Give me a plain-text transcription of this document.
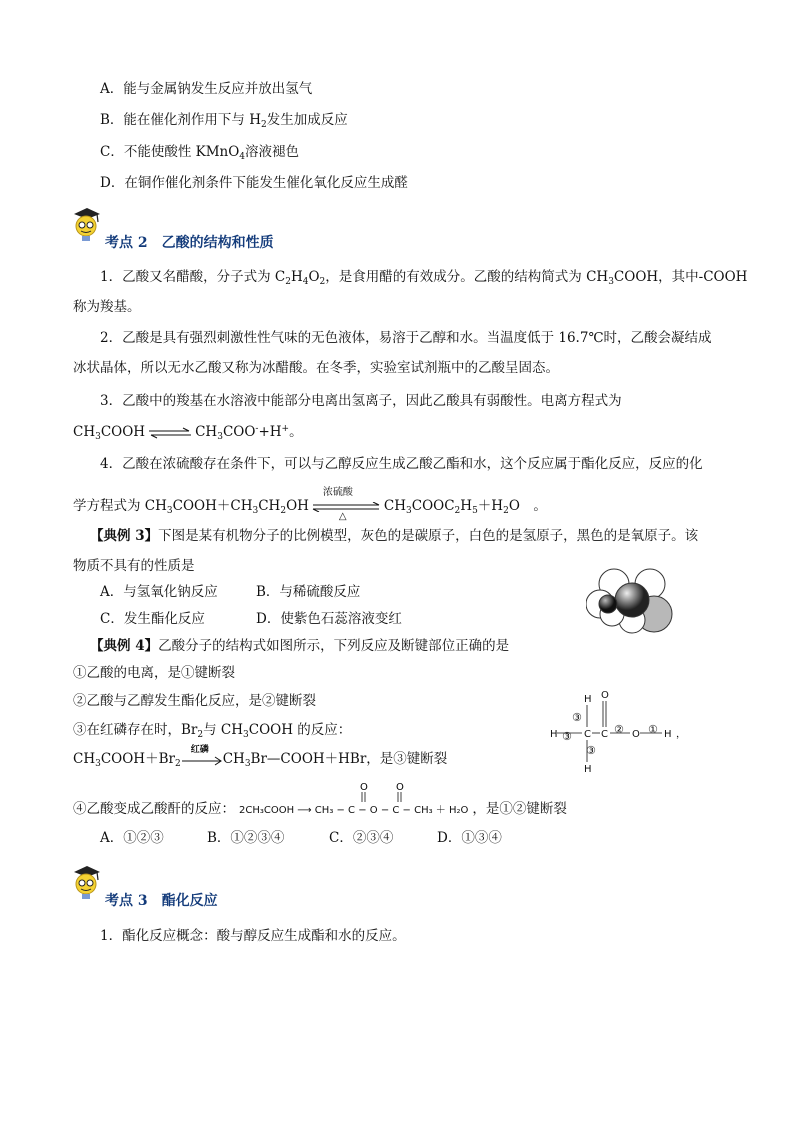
A．能与金属钠发生反应并放出氢气
B．能在催化剂作用下与 $H_2$发生加成反应
C．不能使酸性 KMnO$_4$溶液褪色
D．在铜作催化剂条件下能发生催化氧化反应生成醛
考点 2　乙酸的结构和性质
1．乙酸又名醋酸，分子式为 $C_2H_4O_2$，是食用醋的有效成分。乙酸的结构简式为 $CH_3COOH$，其中-COOH
称为羧基。
2．乙酸是具有强烈刺激性性气味的无色液体，易溶于乙醇和水。当温度低于 16.7℃时，乙酸会凝结成
冰状晶体，所以无水乙酸又称为冰醋酸。在冬季，实验室试剂瓶中的乙酸呈固态。
3．乙酸中的羧基在水溶液中能部分电离出氢离子，因此乙酸具有弱酸性。电离方程式为
$CH_3COOH$ ⇌ $CH_3COO^-+H^+$。
4．乙酸在浓硫酸存在条件下，可以与乙醇反应生成乙酸乙酯和水，这个反应属于酯化反应，反应的化
学方程式为 $CH_3COOH+CH_3CH_2OH$
浓硫酸
△
$CH_3COOC_2H_5+H_2O$　。
【典例 3】下图是某有机物分子的比例模型，灰色的是碳原子，白色的是氢原子，黑色的是氧原子。该
物质不具有的性质是
A．与氢氧化钠反应	B．与稀硫酸反应
C．发生酯化反应	D．使紫色石蕊溶液变红
【典例 4】乙酸分子的结构式如图所示，下列反应及断键部位正确的是
①乙酸的电离，是①键断裂
②乙酸与乙醇发生酯化反应，是②键断裂
③在红磷存在时，$Br_2$与 $CH_3COOH$ 的反应：
$CH_3COOH+Br_2$
红磷
$CH_3Br—COOH+HBr$，是③键断裂
H O
H	C C O H
H
①
②
③
③
③
，
④乙酸变成乙酸酐的反应： 2CH₃COOH ⟶ CH₃ − C − O − C − CH₃ ＋ H₂O ，是①②键断裂
O	O
A．①②③	B．①②③④	C．②③④	D．①③④
考点 3　酯化反应
1．酯化反应概念：酸与醇反应生成酯和水的反应。
